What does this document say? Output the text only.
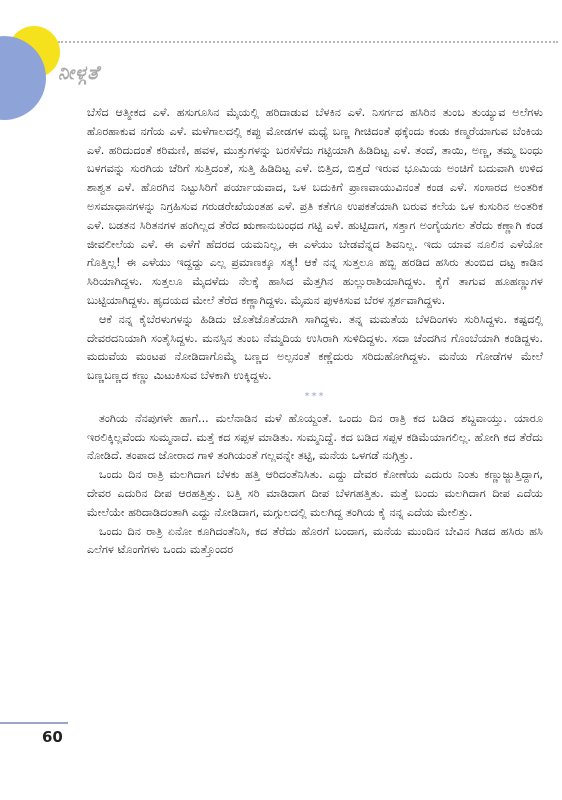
ನೀಳ್ಗತೆ

ಬೆಸೆದ ಆತ್ಮೀಕದ ಎಳೆ. ಹಸುಗೂಸಿನ ಮೈಯಲ್ಲಿ ಹರಿದಾಡುವ ಬೆಳಕಿನ ಎಳೆ. ನಿಸರ್ಗದ ಹಸಿರಿನ ತುಂಬ ತುಯ್ಯುವ ಅಲೆಗಳು ಹೊರಹಾಕುವ ನಗೆಯ ಎಳೆ. ಮಳೆಗಾಲದಲ್ಲಿ ಕಪ್ಪು ಮೋಡಗಳ ಮಧ್ಯೆ ಬಣ್ಣ ಗೀಚಿದಂತೆ ಥಕ್ಕೆಂದು ಕಂಡು ಕಣ್ಮರೆಯಾಗುವ ಬೆಂಕಿಯ ಎಳೆ. ಹರಿದುದಂತೆ ಕರಿಮಣಿ, ಹವಳ, ಮುತ್ತುಗಳನ್ನು ಬರಸೆಳೆದು ಗಟ್ಟಿಯಾಗಿ ಹಿಡಿದಿಟ್ಟ ಎಳೆ. ತಂದೆ, ತಾಯಿ, ಅಣ್ಣ, ತಮ್ಮ ಬಂಧು ಬಳಗವನ್ನು ಸುರಗಿಯ ಚೆರಿಗೆ ಸುತ್ತಿದಂತೆ, ಸುತ್ತಿ ಹಿಡಿದಿಟ್ಟ ಎಳೆ. ಬಿತ್ತಿದ, ಬಿತ್ತದೆ ಇರುವ ಭೂಮಿಯ ಅಂಚಿಗೆ ಬದುವಾಗಿ ಉಳಿದ ಶಾಶ್ವತ ಎಳೆ. ಹೊರಗಿನ ನಿಟ್ಟುಸಿರಿಗೆ ಪರ್ಯಾಯವಾದ, ಒಳ ಬದುಕಿಗೆ ಪ್ರಾಣವಾಯುವಿನಂತೆ ಕಂಡ ಎಳೆ. ಸಂಸಾರದ ಅಂತರಿಕ ಅಸಮಾಧಾನಗಳನ್ನು ನಿಗ್ರಹಿಸುವ ಗರುಡರೇಖೆಯಂತಹ ಎಳೆ. ಪ್ರತಿ ಕತೆಗೂ ಉಪಕತೆಯಾಗಿ ಬರುವ ಕಲೆಯ ಒಳ ಕುಸುರಿನ ಅಂತರಿಕ ಎಳೆ. ಬಡತನ ಸಿರಿತನಗಳ ಹಂಗಿಲ್ಲದ ತೆರೆದ ಋಣಾನುಬಂಧದ ಗಟ್ಟಿ ಎಳೆ. ಹುಟ್ಟಿದಾಗ, ಸತ್ತಾಗ ಅಂಗೈಯಗಲ ತೆರೆದು ಕಣ್ಣಾಗಿ ಕಂಡ ಜೀವಲೀಲೆಯ ಎಳೆ. ಈ ಎಳೆಗೆ ಹೆದರದ ಯಮನಿಲ್ಲ, ಈ ಎಳೆಯು ಬೇಡವೆನ್ನದ ಶಿವನಿಲ್ಲ. ಇದು ಯಾವ ನೂಲಿನ ಎಳೆಯೋ ಗೊತ್ತಿಲ್ಲ! ಈ ಎಳೆಯು ಇದ್ದದ್ದು ಎಲ್ಲ ಪ್ರಮಾಣಕ್ಕೂ ಸತ್ಯ! ಆಕೆ ನನ್ನ ಸುತ್ತಲೂ ಹಬ್ಬಿ ಹರಡಿದ ಹಸಿರು ತುಂಬಿದ ದಟ್ಟ ಕಾಡಿನ ಸಿರಿಯಾಗಿದ್ದಳು. ಸುತ್ತಲೂ ಮೈದಳೆದು ನೆಲಕ್ಕೆ ಹಾಸಿದ ಮೆತ್ತಗಿನ ಹುಲ್ಲುರಾಶಿಯಾಗಿದ್ದಳು. ಕೈಗೆ ತಾಗುವ ಹೂಹಣ್ಣುಗಳ ಬುಟ್ಟಿಯಾಗಿದ್ದಳು. ಹೃದಯದ ಮೇಲೆ ತೆರೆದ ಕಣ್ಣಾಗಿದ್ದಳು. ಮೈಮನ ಪುಳಕಿಸುವ ಬೆರಳ ಸ್ಪರ್ಶವಾಗಿದ್ದಳು.

ಆಕೆ ನನ್ನ ಕೈಬೆರಳುಗಳನ್ನು ಹಿಡಿದು ಜೊತೆಜೊತೆಯಾಗಿ ಸಾಗಿದ್ದಳು. ತನ್ನ ಮಮತೆಯ ಬೆಳದಿಂಗಳು ಸುರಿಸಿದ್ದಳು. ಕಷ್ಟದಲ್ಲಿ ದೇವರದನಿಯಾಗಿ ಸಂತೈಸಿದ್ದಳು. ಮನಸ್ಸಿನ ತುಂಬ ನೆಮ್ಮದಿಯ ಉಸಿರಾಗಿ ಸುಳಿದಿದ್ದಳು. ಸದಾ ಚೆಂದಗಿನ ಗೊಂಬೆಯಾಗಿ ಕಂಡಿದ್ದಳು. ಮದುವೆಯ ಮಂಟಪ ನೋಡಿದಾಗೊಮ್ಮೆ ಬಣ್ಣದ ಅಲ್ಪನಂತೆ ಕಣ್ಣೆದುರು ಸರಿದುಹೋಗಿದ್ದಳು. ಮನೆಯ ಗೋಡೆಗಳ ಮೇಲೆ ಬಣ್ಣಬಣ್ಣದ ಕಣ್ಣು ಮಿಟುಕಿಸುವ ಬೆಳಕಾಗಿ ಉಕ್ಕಿದ್ದಳು.

***

ತಂಗಿಯ ನೆನಪುಗಳೇ ಹಾಗೆ... ಮಲೆನಾಡಿನ ಮಳೆ ಹೊಯ್ದಂತೆ. ಒಂದು ದಿನ ರಾತ್ರಿ ಕದ ಬಡಿದ ಶಬ್ದವಾಯ್ತು. ಯಾರೂ ಇರಲಿಕ್ಕಿಲ್ಲವೆಂದು ಸುಮ್ಮನಾದೆ. ಮತ್ತೆ ಕದ ಸಪ್ಪಳ ಮಾಡಿತು. ಸುಮ್ಮನಿದ್ದೆ. ಕದ ಬಡಿದ ಸಪ್ಪಳ ಕಡಿಮೆಯಾಗಲಿಲ್ಲ. ಹೋಗಿ ಕದ ತೆರೆದು ನೋಡಿದೆ. ತಂಪಾದ ಜೋರಾದ ಗಾಳಿ ತಂಗಿಯಂತೆ ಗಲ್ಲವನ್ನೇ ತಟ್ಟಿ, ಮನೆಯ ಒಳಗಡೆ ನುಗ್ಗಿತ್ತು.

ಒಂದು ದಿನ ರಾತ್ರಿ ಮಲಗಿದಾಗ ಬೆಳಕು ಹತ್ತಿ ಆರಿದಂತೆನಿಸಿತು. ಎದ್ದು ದೇವರ ಕೋಣೆಯ ಎದುರು ನಿಂತು ಕಣ್ಣುಜ್ಜುತ್ತಿದ್ದಾಗ, ದೇವರ ಎದುರಿನ ದೀಪ ಆರಹತ್ತಿತ್ತು. ಬತ್ತಿ ಸರಿ ಮಾಡಿದಾಗ ದೀಪ ಬೆಳಗಹತ್ತಿತು. ಮತ್ತೆ ಬಂದು ಮಲಗಿದಾಗ ದೀಪ ಎದೆಯ ಮೇಲೆಯೇ ಹರಿದಾಡಿದಂತಾಗಿ ಎದ್ದು ನೋಡಿದಾಗ, ಮಗ್ಗುಲದಲ್ಲಿ ಮಲಗಿದ್ದ ತಂಗಿಯ ಕೈ ನನ್ನ ಎದೆಯ ಮೇಲಿತ್ತು.

ಒಂದು ದಿನ ರಾತ್ರಿ ಏನೋ ಕೂಗಿದಂತೆನಿಸಿ, ಕದ ತೆರೆದು ಹೊರಗೆ ಬಂದಾಗ, ಮನೆಯ ಮುಂದಿನ ಬೇವಿನ ಗಿಡದ ಹಸಿರು ಹಸಿ ಎಲೆಗಳ ಟೊಂಗೆಗಳು ಒಂದು ಮತ್ತೊಂದರ

60
